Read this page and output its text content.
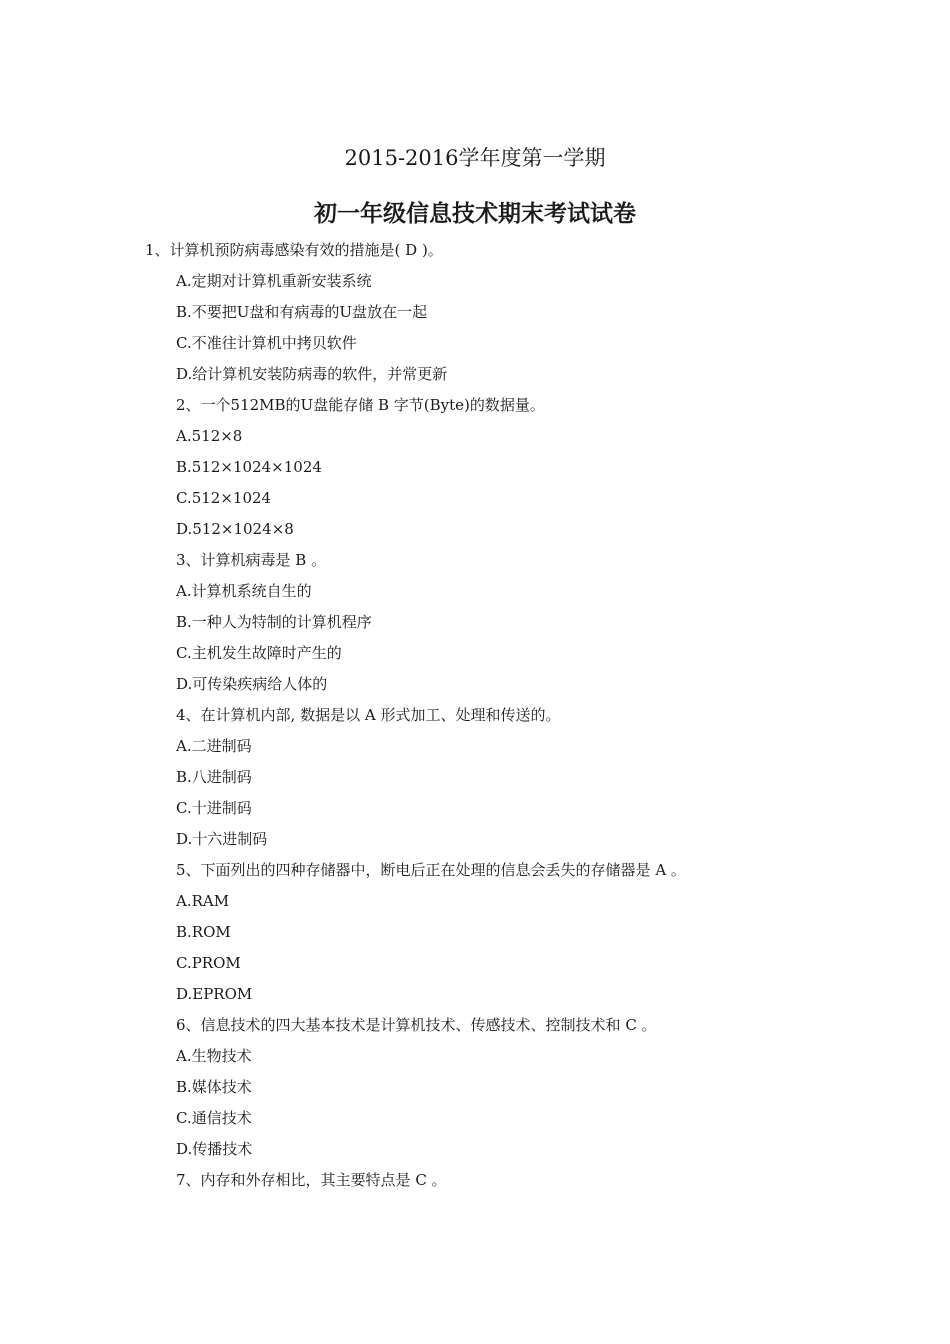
2015-2016学年度第一学期
初一年级信息技术期末考试试卷
1、计算机预防病毒感染有效的措施是( D )。
A.定期对计算机重新安装系统
B.不要把U盘和有病毒的U盘放在一起
C.不准往计算机中拷贝软件
D.给计算机安装防病毒的软件，并常更新
2、一个512MB的U盘能存储 B 字节(Byte)的数据量。
A.512×8
B.512×1024×1024
C.512×1024
D.512×1024×8
3、计算机病毒是 B 。
A.计算机系统自生的
B.一种人为特制的计算机程序
C.主机发生故障时产生的
D.可传染疾病给人体的
4、在计算机内部, 数据是以 A 形式加工、处理和传送的。
A.二进制码
B.八进制码
C.十进制码
D.十六进制码
5、下面列出的四种存储器中，断电后正在处理的信息会丢失的存储器是 A 。
A.RAM
B.ROM
C.PROM
D.EPROM
6、信息技术的四大基本技术是计算机技术、传感技术、控制技术和 C 。
A.生物技术
B.媒体技术
C.通信技术
D.传播技术
7、内存和外存相比，其主要特点是 C 。
